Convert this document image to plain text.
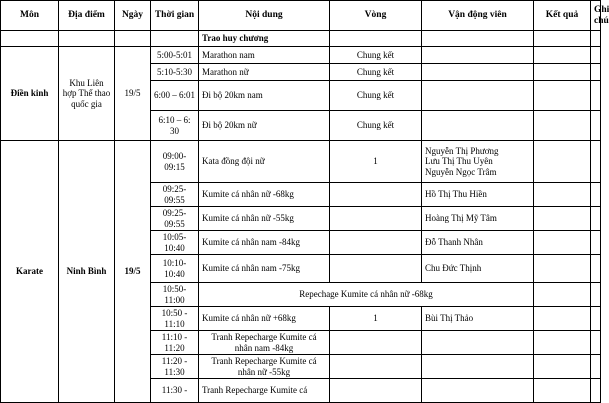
Môn	Địa điểm	Ngày	Thời gian	Nội dung	Vòng	Vận động viên	Kết quả	Ghi chú
				Trao huy chương				
Điền kinh	Khu Liên hợp Thể thao quốc gia	19/5	5:00-5:01	Marathon nam	Chung kết			
			5:10-5:30	Marathon nữ	Chung kết			
			6:00 – 6:01	Đi bộ 20km nam	Chung kết			
			6:10 – 6: 30	Đi bộ 20km nữ	Chung kết			
Karate	Ninh Bình	19/5	09:00- 09:15	Kata đồng đội nữ	1	Nguyễn Thị Phương
Lưu Thị Thu Uyên
Nguyễn Ngọc Trâm		

			09:25- 09:55	Kumite cá nhân nữ -68kg		Hồ Thị Thu Hiền		

			09:25- 09:55	Kumite cá nhân nữ -55kg		Hoàng Thị Mỹ Tâm		

			10:05- 10:40	Kumite cá nhân nam -84kg		Đỗ Thanh Nhân		

			10:10- 10:40	Kumite cá nhân nam -75kg		Chu Đức Thịnh		

			10:50- 11:00	Repechage Kumite cá nhân nữ -68kg				
			10:50 - 11:10	Kumite cá nhân nữ +68kg	1	Bùi Thị Thảo		

			11:10 - 11:20	Tranh Repecharge Kumite cá nhân nam -84kg				
			11:20 - 11:30	Tranh Repecharge Kumite cá nhân nữ -55kg				
			11:30 -	Tranh Repecharge Kumite cá				
